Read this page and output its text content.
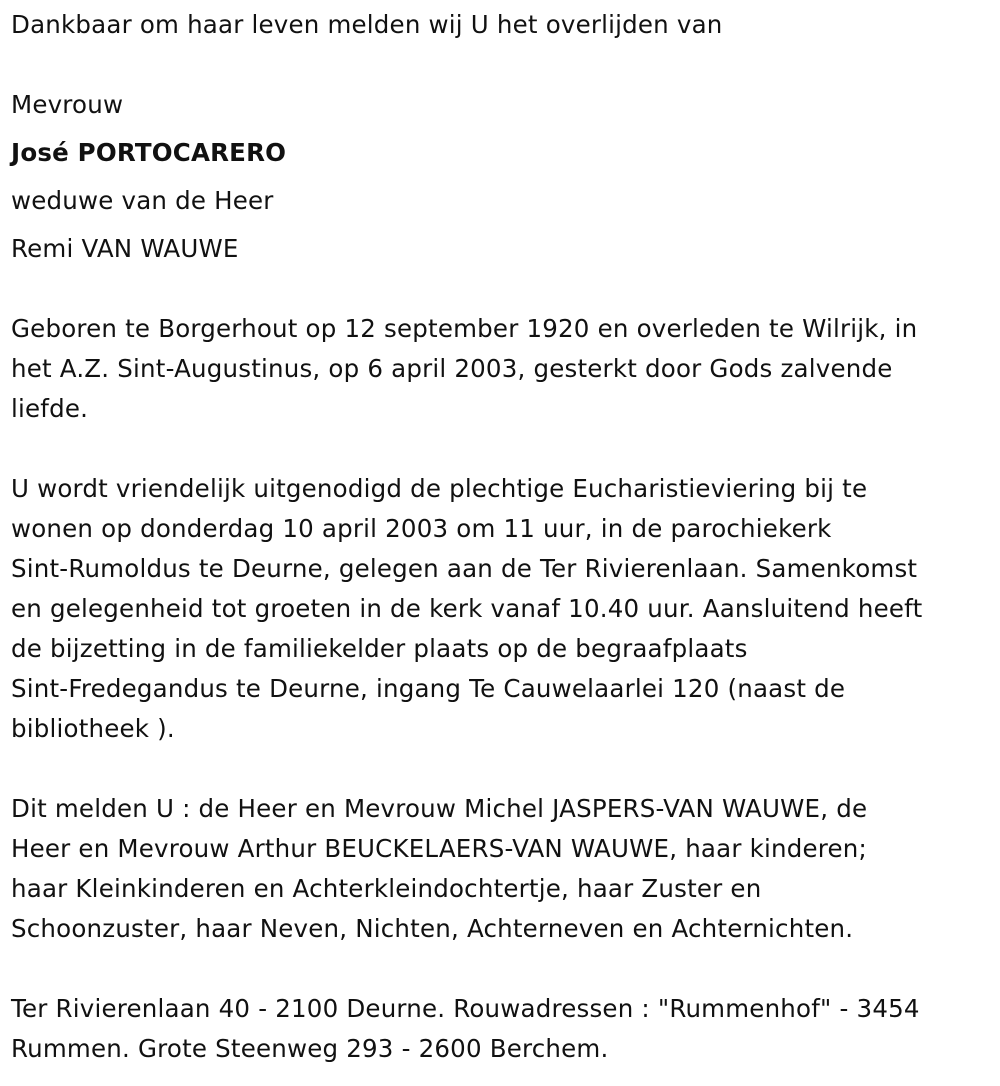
Dankbaar om haar leven melden wij U het overlijden van
Mevrouw
José PORTOCARERO
weduwe van de Heer
Remi VAN WAUWE
Geboren te Borgerhout op 12 september 1920 en overleden te Wilrijk, in
het A.Z. Sint-Augustinus, op 6 april 2003, gesterkt door Gods zalvende
liefde.
U wordt vriendelijk uitgenodigd de plechtige Eucharistieviering bij te
wonen op donderdag 10 april 2003 om 11 uur, in de parochiekerk
Sint-Rumoldus te Deurne, gelegen aan de Ter Rivierenlaan. Samenkomst
en gelegenheid tot groeten in de kerk vanaf 10.40 uur. Aansluitend heeft
de bijzetting in de familiekelder plaats op de begraafplaats
Sint-Fredegandus te Deurne, ingang Te Cauwelaarlei 120 (naast de
bibliotheek ).
Dit melden U : de Heer en Mevrouw Michel JASPERS-VAN WAUWE, de
Heer en Mevrouw Arthur BEUCKELAERS-VAN WAUWE, haar kinderen;
haar Kleinkinderen en Achterkleindochtertje, haar Zuster en
Schoonzuster, haar Neven, Nichten, Achterneven en Achternichten.
Ter Rivierenlaan 40 - 2100 Deurne. Rouwadressen : "Rummenhof" - 3454
Rummen. Grote Steenweg 293 - 2600 Berchem.
